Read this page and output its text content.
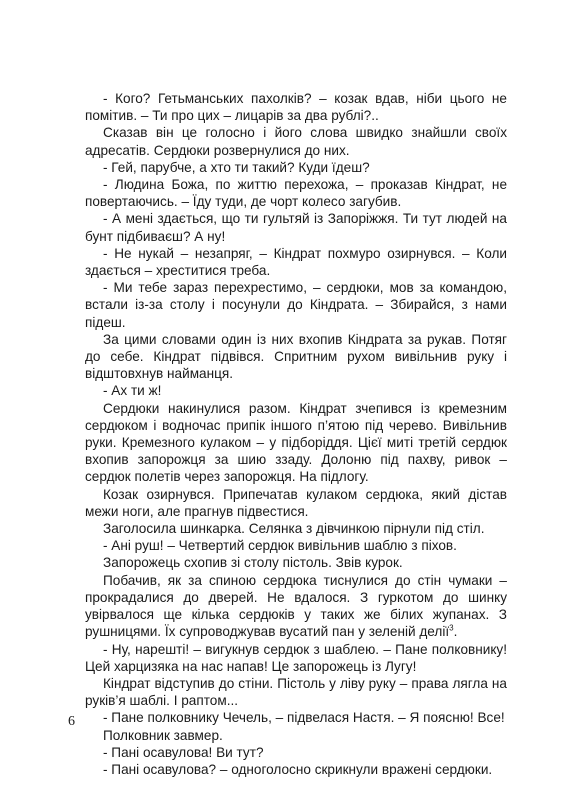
- Кого? Гетьманських пахолків? – козак вдав, ніби цього не помітив. – Ти про цих – лицарів за два рублі?..

Сказав він це голосно і його слова швидко знайшли своїх адресатів. Сердюки розвернулися до них.

- Гей, парубче, а хто ти такий? Куди їдеш?

- Людина Божа, по життю перехожа, – проказав Кіндрат, не повертаючись. – Їду туди, де чорт колесо загубив.

- А мені здається, що ти гультяй із Запоріжжя. Ти тут людей на бунт підбиваєш? А ну!

- Не нукай – незапряг, – Кіндрат похмуро озирнувся. – Коли здається – хреститися треба.

- Ми тебе зараз перехрестимо, – сердюки, мов за командою, встали із-за столу і посунули до Кіндрата. – Збирайся, з нами підеш.

За цими словами один із них вхопив Кіндрата за рукав. Потяг до себе. Кіндрат підвівся. Спритним рухом вивільнив руку і відштовхнув найманця.

- Ах ти ж!

Сердюки накинулися разом. Кіндрат зчепився із кремезним сердюком і водночас припік іншого п’ятою під черево. Вивільнив руки. Кремезного кулаком – у підборіддя. Цієї миті третій сердюк вхопив запорожця за шию ззаду. Долоню під пахву, ривок – сердюк полетів через запорожця. На підлогу.

Козак озирнувся. Припечатав кулаком сердюка, який дістав межи ноги, але прагнув підвестися.

Заголосила шинкарка. Селянка з дівчинкою пірнули під стіл.

- Ані руш! – Четвертий сердюк вивільнив шаблю з піхов.

Запорожець схопив зі столу пістоль. Звів курок.

Побачив, як за спиною сердюка тиснулися до стін чумаки – прокрадалися до дверей. Не вдалося. З гуркотом до шинку увірвалося ще кілька сердюків у таких же білих жупанах. З рушницями. Їх супроводжував вусатий пан у зеленій делії$^3$.

- Ну, нарешті! – вигукнув сердюк з шаблею. – Пане полковнику! Цей харцизяка на нас напав! Це запорожець із Лугу!

Кіндрат відступив до стіни. Пістоль у ліву руку – права лягла на руків’я шаблі. І раптом...

- Пане полковнику Чечель, – підвелася Настя. – Я поясню! Все!

Полковник завмер.

- Пані осавулова! Ви тут?

- Пані осавулова? – одноголосно скрикнули вражені сердюки.

6
